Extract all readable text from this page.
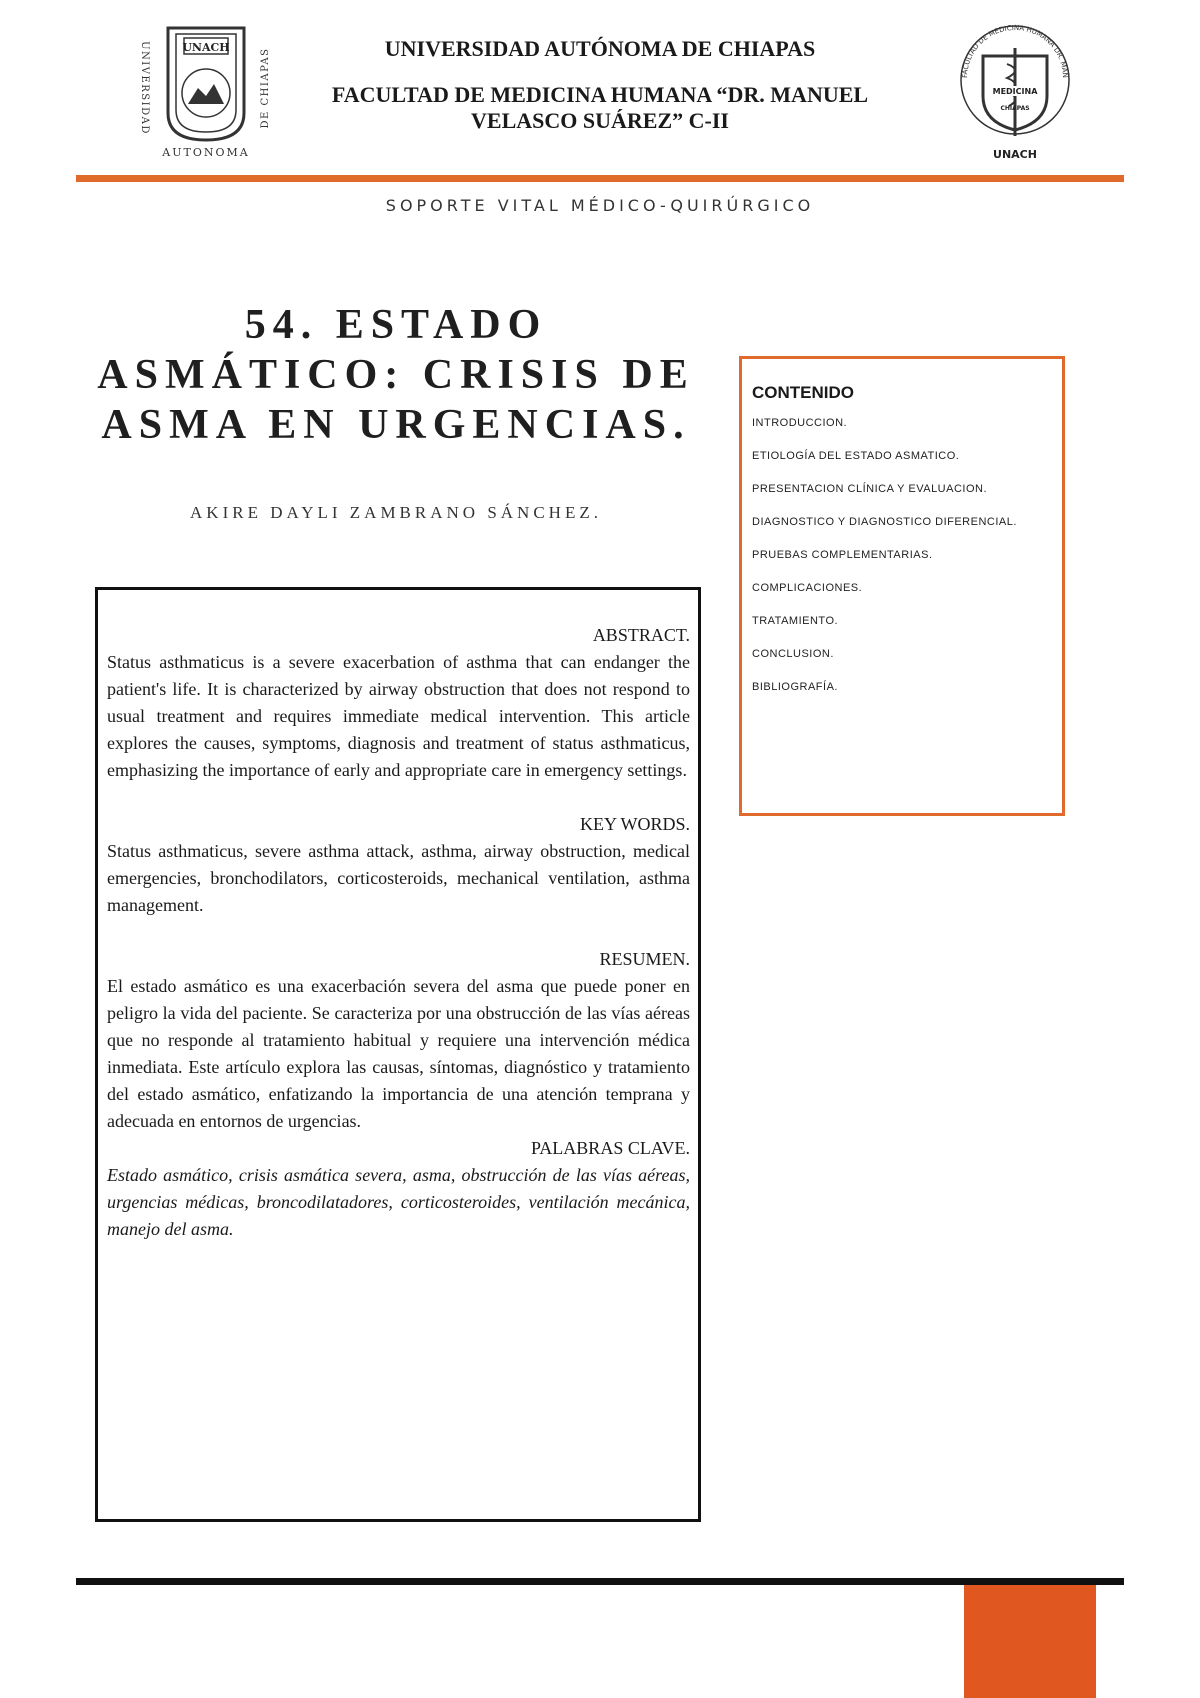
UNACH
UNIVERSIDAD	DE CHIAPAS
AUTONOMA
UNIVERSIDAD AUTÓNOMA DE CHIAPAS
FACULTAD DE MEDICINA HUMANA “DR. MANUEL VELASCO SUÁREZ” C-II
FACULTAD DE MEDICINA HUMANA DR. MAN
MEDICINA
CHIAPAS
UNACH
SOPORTE VITAL MÉDICO-QUIRÚRGICO
54. ESTADO ASMÁTICO: CRISIS DE ASMA EN URGENCIAS.
AKIRE DAYLI ZAMBRANO SÁNCHEZ.

CONTENIDO

INTRODUCCION.
ETIOLOGÍA DEL ESTADO ASMATICO.
PRESENTACION CLÍNICA Y EVALUACION.
DIAGNOSTICO Y DIAGNOSTICO DIFERENCIAL.
PRUEBAS COMPLEMENTARIAS.
COMPLICACIONES.
TRATAMIENTO.
CONCLUSION.
BIBLIOGRAFÍA.
ABSTRACT.

Status asthmaticus is a severe exacerbation of asthma that can endanger the patient's life. It is characterized by airway obstruction that does not respond to usual treatment and requires immediate medical intervention. This article explores the causes, symptoms, diagnosis and treatment of status asthmaticus, emphasizing the importance of early and appropriate care in emergency settings.

KEY WORDS.

Status asthmaticus, severe asthma attack, asthma, airway obstruction, medical emergencies, bronchodilators, corticosteroids, mechanical ventilation, asthma management.

RESUMEN.

El estado asmático es una exacerbación severa del asma que puede poner en peligro la vida del paciente. Se caracteriza por una obstrucción de las vías aéreas que no responde al tratamiento habitual y requiere una intervención médica inmediata. Este artículo explora las causas, síntomas, diagnóstico y tratamiento del estado asmático, enfatizando la importancia de una atención temprana y adecuada en entornos de urgencias.

PALABRAS CLAVE.

Estado asmático, crisis asmática severa, asma, obstrucción de las vías aéreas, urgencias médicas, broncodilatadores, corticosteroides, ventilación mecánica, manejo del asma.
